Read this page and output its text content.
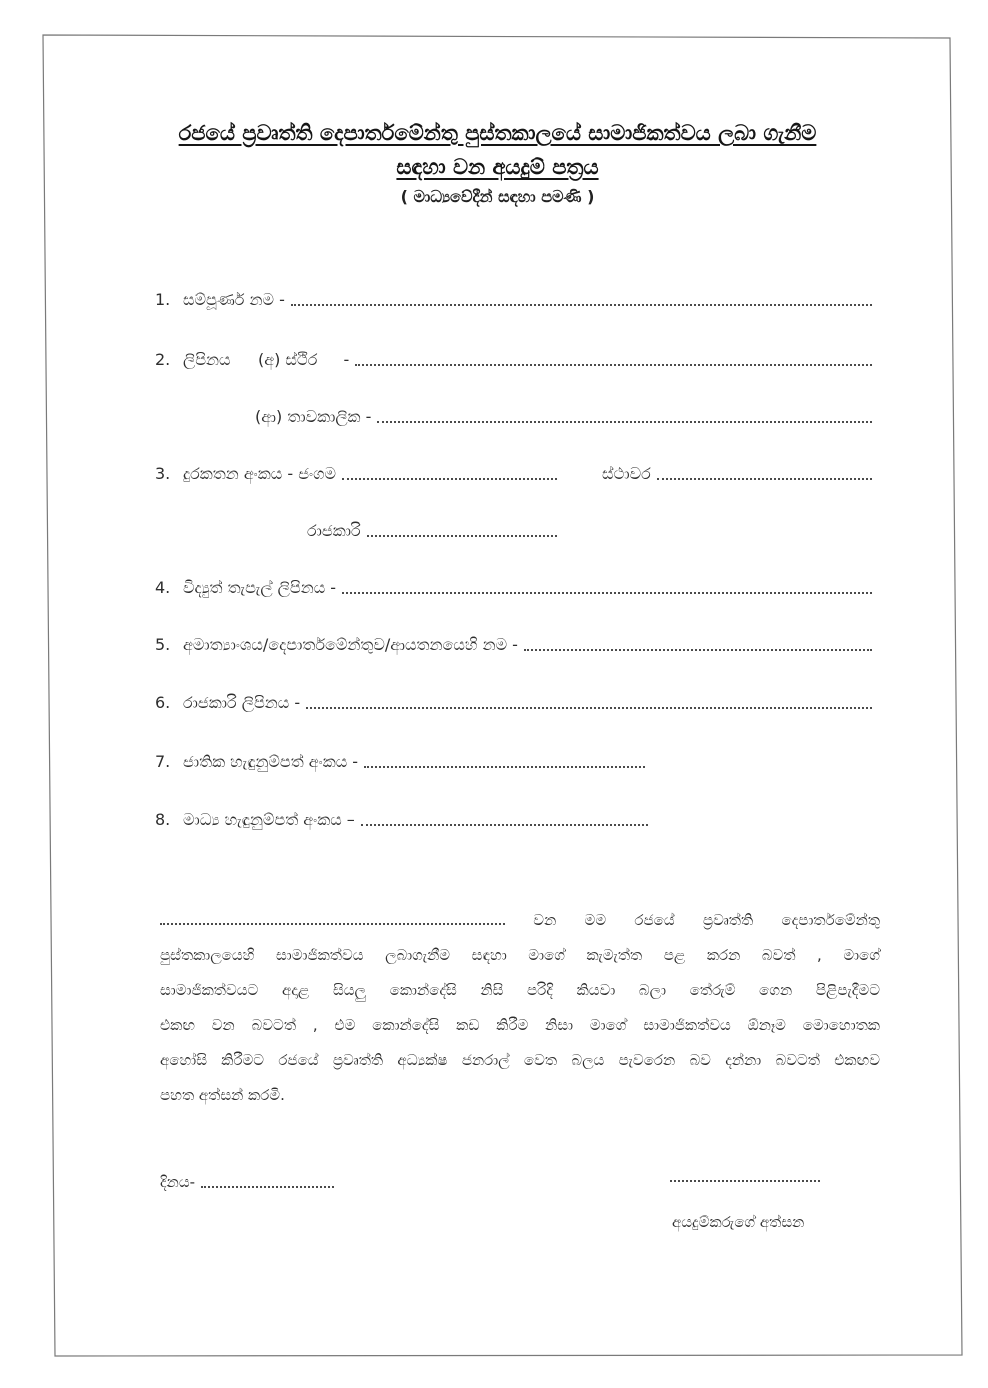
රජයේ ප්‍රවෘත්ති දෙපාර්තමේන්තු පුස්තකාලයේ සාමාජිකත්වය ලබා ගැනීම
සඳහා වන අයදුම් පත්‍රය
( මාධ්‍යවේදීන් සඳහා පමණි )
1. සම්පූර්ණ නම -
2. ලිපිනය	(අ) ස්ථිර -
(ආ) තාවකාලික -
3. දුරකතන අංකය - ජංගම	ස්ථාවර
රාජකාරි
4. විද්‍යුත් තැපැල් ලිපිනය -
5. අමාත්‍යාංශය/දෙපාර්තමේන්තුව/ආයතනයෙහි නම -
6. රාජකාරි ලිපිනය -
7. ජාතික හැඳුනුම්පත් අංකය -
8. මාධ්‍ය හැඳුනුම්පත් අංකය –
වන මම රජයේ ප්‍රවෘත්ති දෙපාර්තමේන්තු
පුස්තකාලයෙහි සාමාජිකත්වය ලබාගැනීම සඳහා මාගේ කැමැත්ත පළ කරන බවත් , මාගේ
සාමාජිකත්වයට අදාළ සියලු කොන්දේසි නිසි පරිදි කියවා බලා තේරුම් ගෙන පිළිපැදීමට
එකඟ වන බවටත් , එම කොන්දේසි කඩ කිරීම නිසා මාගේ සාමාජිකත්වය ඕනෑම මොහොතක
අහෝසි කිරීමට රජයේ ප්‍රවෘත්ති අධ්‍යක්ෂ ජනරාල් වෙත බලය පැවරෙන බව දන්නා බවටත් එකඟව
පහත අත්සන් කරමි.
දිනය-
අයදුම්කරුගේ අත්සන
